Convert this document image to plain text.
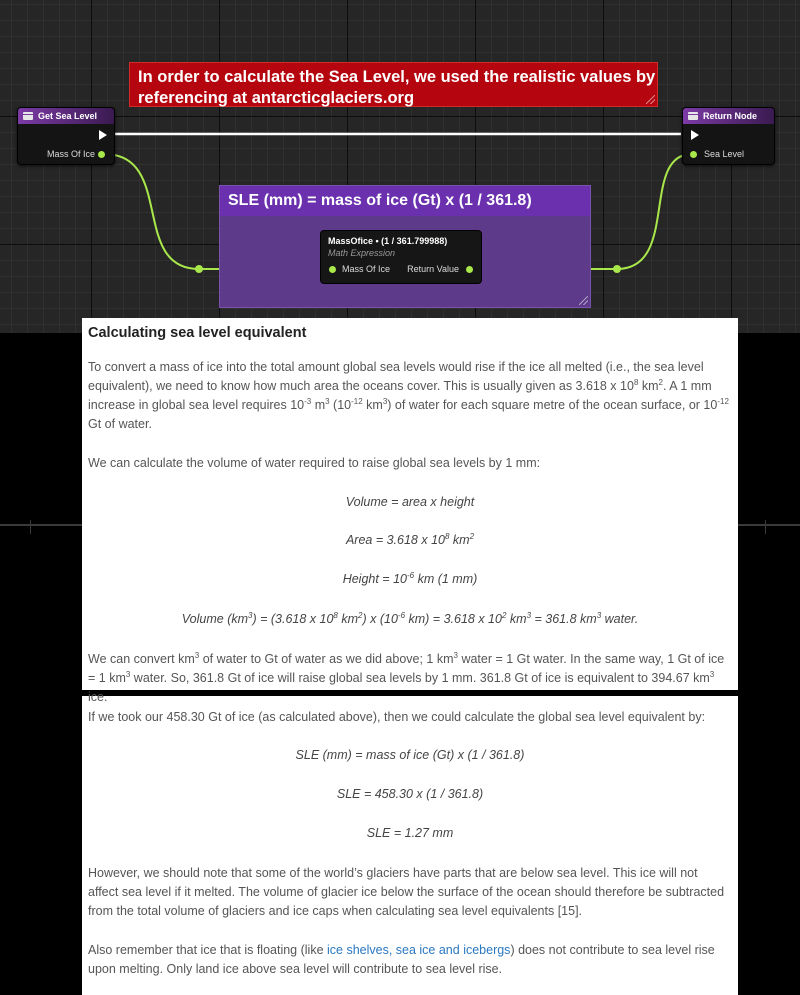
In order to calculate the Sea Level, we used the realistic values by referencing at antarcticglaciers.org
SLE (mm) = mass of ice (Gt) x (1 / 361.8)
Get Sea Level
Mass Of Ice
Return Node
Sea Level
MassOfice • (1 / 361.799988)
Math Expression
Mass Of Ice Return Value
Calculating sea level equivalent
To convert a mass of ice into the total amount global sea levels would rise if the ice all melted (i.e., the sea level equivalent), we need to know how much area the oceans cover. This is usually given as 3.618 x $10^8$ $km^2$. A 1 mm increase in global sea level requires $10^{-3}$ $m^3$ ($10^{-12}$ $km^3$) of water for each square metre of the ocean surface, or $10^{-12}$ Gt of water.
We can calculate the volume of water required to raise global sea levels by 1 mm:
Volume = area x height
Area = 3.618 x $10^8$ $km^2$
Height = $10^{-6}$ km (1 mm)
Volume $(km^3) = (3.618$ x $10^8$ $km^2$) x ($10^{-6}$ km) = 3.618 x $10^2$ $km^3 = 361.8$ $km^3$ water.
We can convert $km^3$ of water to Gt of water as we did above; 1 $km^3$ water = 1 Gt water. In the same way, 1 Gt of ice = 1 $km^3$ water. So, 361.8 Gt of ice will raise global sea levels by 1 mm. 361.8 Gt of ice is equivalent to 394.67 $km^3$ ice.
If we took our 458.30 Gt of ice (as calculated above), then we could calculate the global sea level equivalent by:
SLE (mm) = mass of ice (Gt) x (1 / 361.8)
SLE = 458.30 x (1 / 361.8)
SLE = 1.27 mm
However, we should note that some of the world’s glaciers have parts that are below sea level. This ice will not affect sea level if it melted. The volume of glacier ice below the surface of the ocean should therefore be subtracted from the total volume of glaciers and ice caps when calculating sea level equivalents [15].
Also remember that ice that is floating (like ice shelves, sea ice and icebergs) does not contribute to sea level rise upon melting. Only land ice above sea level will contribute to sea level rise.
